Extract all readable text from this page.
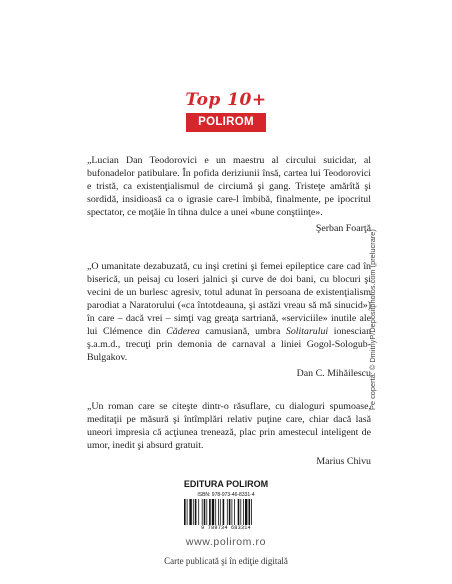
Top 10+
POLIROM

„Lucian Dan Teodorovici e un maestru al circului suicidar, al bufonadelor patibulare. În pofida deriziunii însă, cartea lui Teodorovici e tristă, ca existenţialismul de circiumă şi gang. Tristeţe amărîtă şi sordidă, insidioasă ca o igrasie care-l îmbibă, finalmente, pe ipocritul spectator, ce moţăie în tihna dulce a unei «bune conştiinţe».

Şerban Foarţă

„O umanitate dezabuzată, cu inşi cretini şi femei epileptice care cad în biserică, un peisaj cu loseri jalnici şi curve de doi bani, cu blocuri şi vecini de un burlesc agresiv, totul adunat în persoana de existenţialism parodiat a Naratorului («ca întotdeauna, şi astăzi vreau să mă sinucid») în care – dacă vrei – simţi vag greaţa sartriană, «serviciile» inutile ale lui Clémence din Căderea camusiană, umbra Solitarului ionescian ş.a.m.d., trecuţi prin demonia de carnaval a liniei Gogol-Sologub-Bulgakov.

Dan C. Mihăilescu

„Un roman care se citeşte dintr-o răsuflare, cu dialoguri spumoase, meditaţii pe măsură şi întîmplări relativ puţine care, chiar dacă lasă uneori impresia că acţiunea trenează, plac prin amestecul inteligent de umor, inedit şi absurd gratuit.

Marius Chivu
EDITURA POLIROM
ISBN: 978-973-46-8331-4
9 789734 683314
www.polirom.ro
Carte publicată şi în ediţie digitală
Pe copertă: © DmitriyP/Depositphotos.com (prelucrare)
